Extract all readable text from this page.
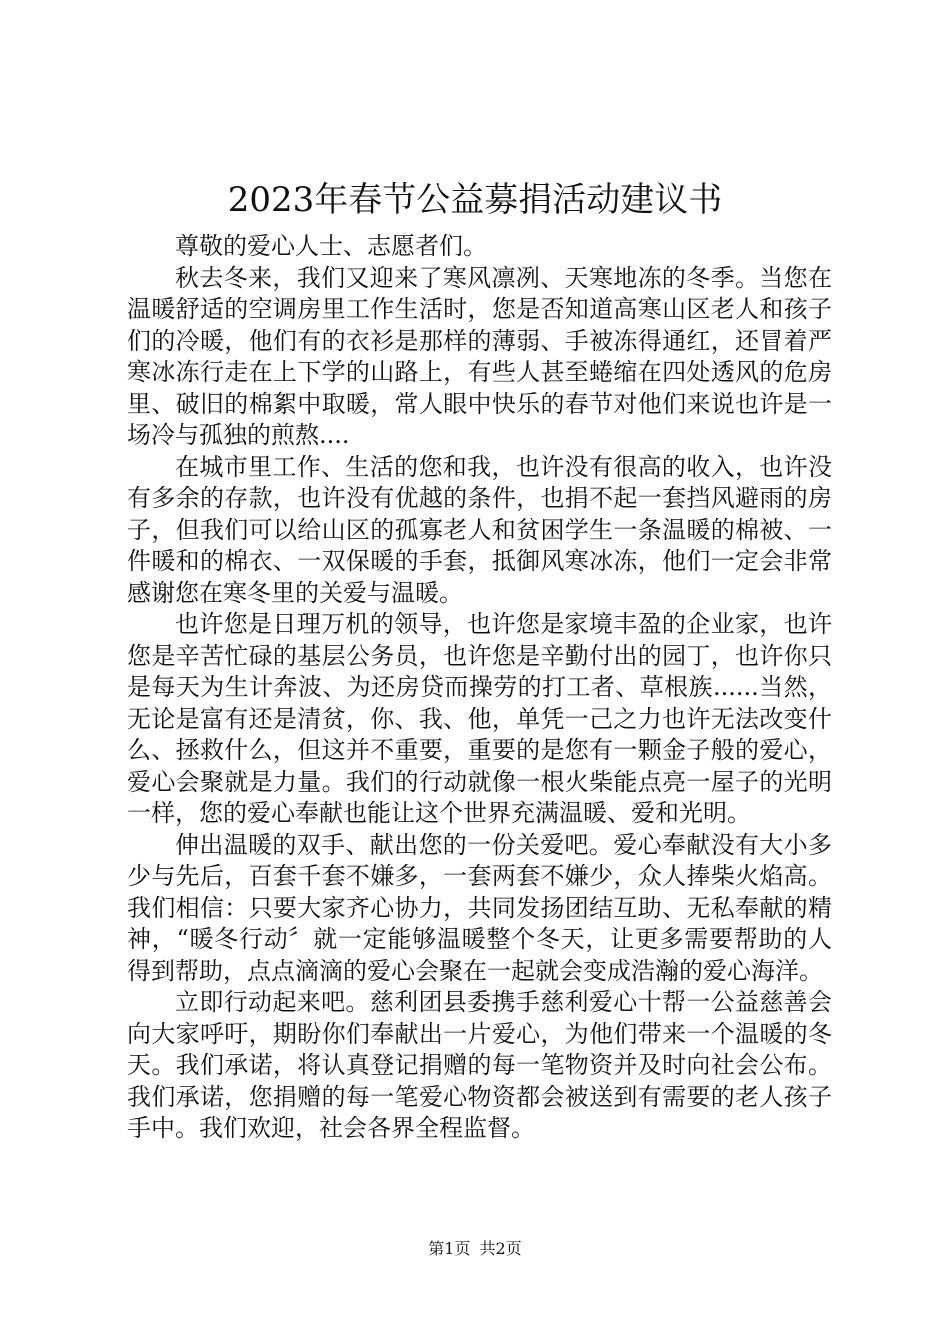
2023年春节公益募捐活动建议书

尊敬的爱心人士、志愿者们。

秋去冬来，我们又迎来了寒风凛冽、天寒地冻的冬季。当您在温暖舒适的空调房里工作生活时，您是否知道高寒山区老人和孩子们的冷暖，他们有的衣衫是那样的薄弱、手被冻得通红，还冒着严寒冰冻行走在上下学的山路上，有些人甚至蜷缩在四处透风的危房里、破旧的棉絮中取暖，常人眼中快乐的春节对他们来说也许是一场冷与孤独的煎熬....

在城市里工作、生活的您和我，也许没有很高的收入，也许没有多余的存款，也许没有优越的条件，也捐不起一套挡风避雨的房子，但我们可以给山区的孤寡老人和贫困学生一条温暖的棉被、一件暖和的棉衣、一双保暖的手套，抵御风寒冰冻，他们一定会非常感谢您在寒冬里的关爱与温暖。

也许您是日理万机的领导，也许您是家境丰盈的企业家，也许您是辛苦忙碌的基层公务员，也许您是辛勤付出的园丁，也许你只是每天为生计奔波、为还房贷而操劳的打工者、草根族......当然，无论是富有还是清贫，你、我、他，单凭一己之力也许无法改变什么、拯救什么，但这并不重要，重要的是您有一颗金子般的爱心，爱心会聚就是力量。我们的行动就像一根火柴能点亮一屋子的光明一样，您的爱心奉献也能让这个世界充满温暖、爱和光明。

伸出温暖的双手、献出您的一份关爱吧。爱心奉献没有大小多少与先后，百套千套不嫌多，一套两套不嫌少，众人捧柴火焰高。我们相信：只要大家齐心协力，共同发扬团结互助、无私奉献的精神，“暖冬行动〞就一定能够温暖整个冬天，让更多需要帮助的人得到帮助，点点滴滴的爱心会聚在一起就会变成浩瀚的爱心海洋。

立即行动起来吧。慈利团县委携手慈利爱心十帮一公益慈善会向大家呼吁，期盼你们奉献出一片爱心，为他们带来一个温暖的冬天。我们承诺，将认真登记捐赠的每一笔物资并及时向社会公布。我们承诺，您捐赠的每一笔爱心物资都会被送到有需要的老人孩子手中。我们欢迎，社会各界全程监督。

第1页 共2页
